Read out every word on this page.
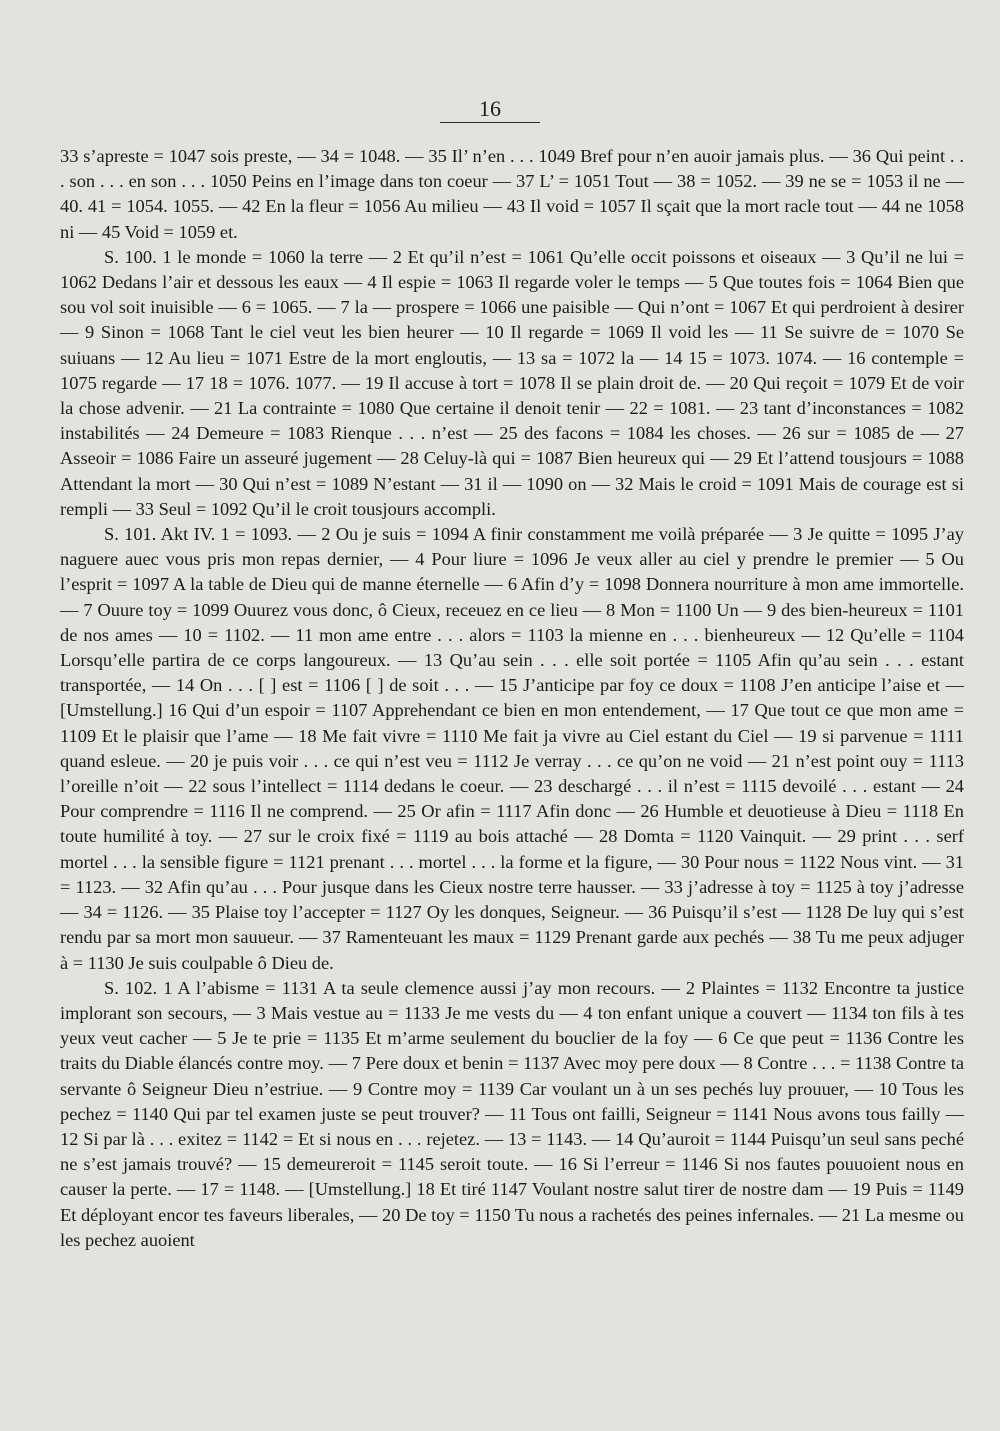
16

33 s’apreste = 1047 sois preste, — 34 = 1048. — 35 Il’ n’en . . . 1049 Bref pour n’en auoir jamais plus. — 36 Qui peint . . . son . . . en son . . . 1050 Peins en l’image dans ton coeur — 37 L’ = 1051 Tout — 38 = 1052. — 39 ne se = 1053 il ne — 40. 41 = 1054. 1055. — 42 En la fleur = 1056 Au milieu — 43 Il void = 1057 Il sçait que la mort racle tout — 44 ne 1058 ni — 45 Void = 1059 et.

S. 100. 1 le monde = 1060 la terre — 2 Et qu’il n’est = 1061 Qu’elle occit poissons et oiseaux — 3 Qu’il ne lui = 1062 Dedans l’air et dessous les eaux — 4 Il espie = 1063 Il regarde voler le temps — 5 Que toutes fois = 1064 Bien que sou vol soit inuisible — 6 = 1065. — 7 la — prospere = 1066 une paisible — Qui n’ont = 1067 Et qui perdroient à desirer — 9 Sinon = 1068 Tant le ciel veut les bien heurer — 10 Il regarde = 1069 Il void les — 11 Se suivre de = 1070 Se suiuans — 12 Au lieu = 1071 Estre de la mort engloutis, — 13 sa = 1072 la — 14 15 = 1073. 1074. — 16 contemple = 1075 regarde — 17 18 = 1076. 1077. — 19 Il accuse à tort = 1078 Il se plain droit de. — 20 Qui reçoit = 1079 Et de voir la chose advenir. — 21 La contrainte = 1080 Que certaine il denoit tenir — 22 = 1081. — 23 tant d’inconstances = 1082 instabilités — 24 Demeure = 1083 Rienque . . . n’est — 25 des facons = 1084 les choses. — 26 sur = 1085 de — 27 Asseoir = 1086 Faire un asseuré jugement — 28 Celuy-là qui = 1087 Bien heureux qui — 29 Et l’attend tousjours = 1088 Attendant la mort — 30 Qui n’est = 1089 N’estant — 31 il — 1090 on — 32 Mais le croid = 1091 Mais de courage est si rempli — 33 Seul = 1092 Qu’il le croit tousjours accompli.

S. 101. Akt IV. 1 = 1093. — 2 Ou je suis = 1094 A finir constamment me voilà préparée — 3 Je quitte = 1095 J’ay naguere auec vous pris mon repas dernier, — 4 Pour liure = 1096 Je veux aller au ciel y prendre le premier — 5 Ou l’esprit = 1097 A la table de Dieu qui de manne éternelle — 6 Afin d’y = 1098 Donnera nourriture à mon ame immortelle. — 7 Ouure toy = 1099 Ouurez vous donc, ô Cieux, receuez en ce lieu — 8 Mon = 1100 Un — 9 des bien-heureux = 1101 de nos ames — 10 = 1102. — 11 mon ame entre . . . alors = 1103 la mienne en . . . bienheureux — 12 Qu’elle = 1104 Lorsqu’elle partira de ce corps langoureux. — 13 Qu’au sein . . . elle soit portée = 1105 Afin qu’au sein . . . estant transportée, — 14 On . . . [ ] est = 1106 [ ] de soit . . . — 15 J’anticipe par foy ce doux = 1108 J’en anticipe l’aise et — [Umstellung.] 16 Qui d’un espoir = 1107 Apprehendant ce bien en mon entendement, — 17 Que tout ce que mon ame = 1109 Et le plaisir que l’ame — 18 Me fait vivre = 1110 Me fait ja vivre au Ciel estant du Ciel — 19 si parvenue = 1111 quand esleue. — 20 je puis voir . . . ce qui n’est veu = 1112 Je verray . . . ce qu’on ne void — 21 n’est point ouy = 1113 l’oreille n’oit — 22 sous l’intellect = 1114 dedans le coeur. — 23 deschargé . . . il n’est = 1115 devoilé . . . estant — 24 Pour comprendre = 1116 Il ne comprend. — 25 Or afin = 1117 Afin donc — 26 Humble et deuotieuse à Dieu = 1118 En toute humilité à toy. — 27 sur le croix fixé = 1119 au bois attaché — 28 Domta = 1120 Vainquit. — 29 print . . . serf mortel . . . la sensible figure = 1121 prenant . . . mortel . . . la forme et la figure, — 30 Pour nous = 1122 Nous vint. — 31 = 1123. — 32 Afin qu’au . . . Pour jusque dans les Cieux nostre terre hausser. — 33 j’adresse à toy = 1125 à toy j’adresse — 34 = 1126. — 35 Plaise toy l’accepter = 1127 Oy les donques, Seigneur. — 36 Puisqu’il s’est — 1128 De luy qui s’est rendu par sa mort mon sauueur. — 37 Ramenteuant les maux = 1129 Prenant garde aux pechés — 38 Tu me peux adjuger à = 1130 Je suis coulpable ô Dieu de.

S. 102. 1 A l’abisme = 1131 A ta seule clemence aussi j’ay mon recours. — 2 Plaintes = 1132 Encontre ta justice implorant son secours, — 3 Mais vestue au = 1133 Je me vests du — 4 ton enfant unique a couvert — 1134 ton fils à tes yeux veut cacher — 5 Je te prie = 1135 Et m’arme seulement du bouclier de la foy — 6 Ce que peut = 1136 Contre les traits du Diable élancés contre moy. — 7 Pere doux et benin = 1137 Avec moy pere doux — 8 Contre . . . = 1138 Contre ta servante ô Seigneur Dieu n’estriue. — 9 Contre moy = 1139 Car voulant un à un ses pechés luy prouuer, — 10 Tous les pechez = 1140 Qui par tel examen juste se peut trouver? — 11 Tous ont failli, Seigneur = 1141 Nous avons tous failly — 12 Si par là . . . exitez = 1142 = Et si nous en . . . rejetez. — 13 = 1143. — 14 Qu’auroit = 1144 Puisqu’un seul sans peché ne s’est jamais trouvé? — 15 demeureroit = 1145 seroit toute. — 16 Si l’erreur = 1146 Si nos fautes pouuoient nous en causer la perte. — 17 = 1148. — [Umstellung.] 18 Et tiré 1147 Voulant nostre salut tirer de nostre dam — 19 Puis = 1149 Et déployant encor tes faveurs liberales, — 20 De toy = 1150 Tu nous a rachetés des peines infernales. — 21 La mesme ou les pechez auoient
